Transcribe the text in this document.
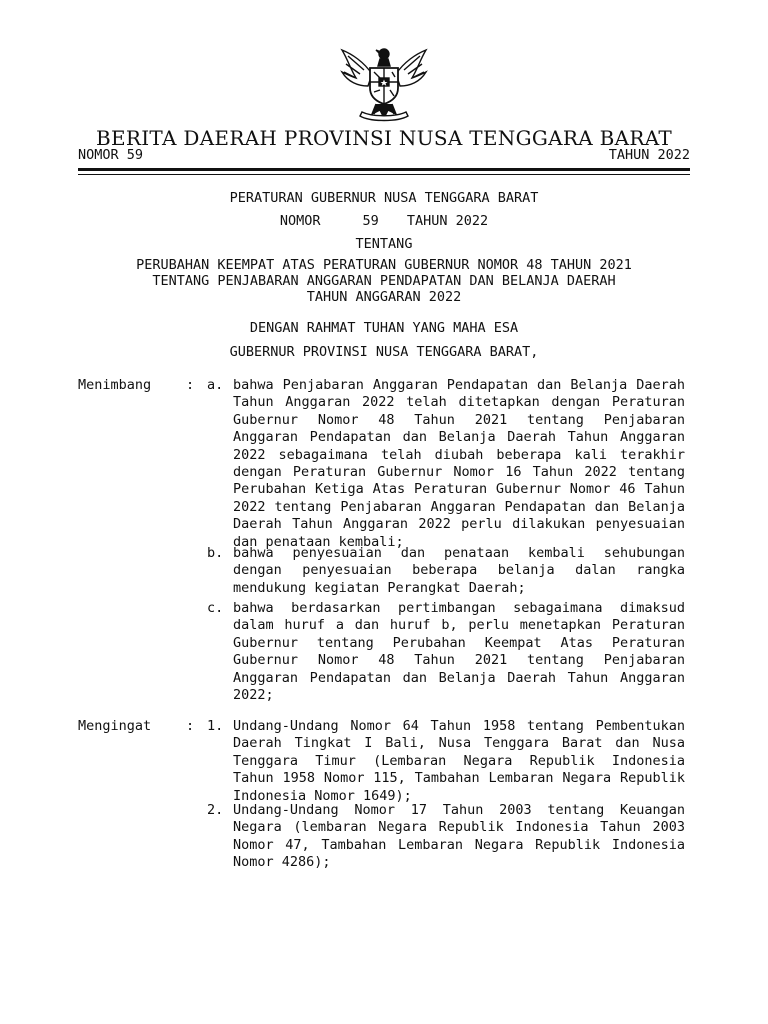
BERITA DAERAH PROVINSI NUSA TENGGARA BARAT
NOMOR 59	TAHUN 2022
PERATURAN GUBERNUR NUSA TENGGARA BARAT
NOMOR	59 TAHUN 2022
TENTANG
PERUBAHAN KEEMPAT ATAS PERATURAN GUBERNUR NOMOR 48 TAHUN 2021
TENTANG PENJABARAN ANGGARAN PENDAPATAN DAN BELANJA DAERAH
TAHUN ANGGARAN 2022
DENGAN RAHMAT TUHAN YANG MAHA ESA
GUBERNUR PROVINSI NUSA TENGGARA BARAT,
Menimbang	: a. bahwa Penjabaran Anggaran Pendapatan dan Belanja Daerah Tahun Anggaran 2022 telah ditetapkan dengan Peraturan Gubernur Nomor 48 Tahun 2021 tentang Penjabaran Anggaran Pendapatan dan Belanja Daerah Tahun Anggaran 2022 sebagaimana telah diubah beberapa kali terakhir dengan Peraturan Gubernur Nomor 16 Tahun 2022 tentang Perubahan Ketiga Atas Peraturan Gubernur Nomor 46 Tahun 2022 tentang Penjabaran Anggaran Pendapatan dan Belanja Daerah Tahun Anggaran 2022 perlu dilakukan penyesuaian dan penataan kembali;
b. bahwa penyesuaian dan penataan kembali sehubungan dengan penyesuaian beberapa belanja dalan rangka mendukung kegiatan Perangkat Daerah;
c. bahwa berdasarkan pertimbangan sebagaimana dimaksud dalam huruf a dan huruf b, perlu menetapkan Peraturan Gubernur tentang Perubahan Keempat Atas Peraturan Gubernur Nomor 48 Tahun 2021 tentang Penjabaran Anggaran Pendapatan dan Belanja Daerah Tahun Anggaran 2022;
Mengingat	: 1. Undang-Undang Nomor 64 Tahun 1958 tentang Pembentukan Daerah Tingkat I Bali, Nusa Tenggara Barat dan Nusa Tenggara Timur (Lembaran Negara Republik Indonesia Tahun 1958 Nomor 115, Tambahan Lembaran Negara Republik Indonesia Nomor 1649);
2. Undang-Undang Nomor 17 Tahun 2003 tentang Keuangan Negara (lembaran Negara Republik Indonesia Tahun 2003 Nomor 47, Tambahan Lembaran Negara Republik Indonesia Nomor 4286);
